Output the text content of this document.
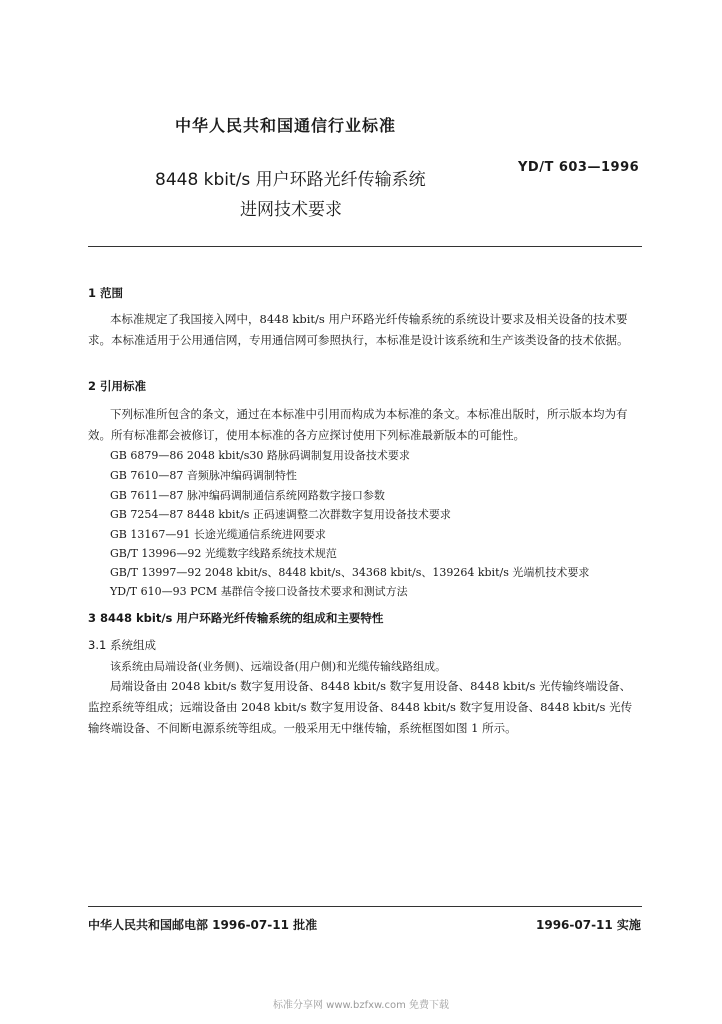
中华人民共和国通信行业标准
8448 kbit/s 用户环路光纤传输系统
进网技术要求
YD/T 603—1996
1 范围
本标准规定了我国接入网中，8448 kbit/s 用户环路光纤传输系统的系统设计要求及相关设备的技术要求。本标准适用于公用通信网，专用通信网可参照执行，本标准是设计该系统和生产该类设备的技术依据。
2 引用标准
下列标准所包含的条文，通过在本标准中引用而构成为本标准的条文。本标准出版时，所示版本均为有效。所有标准都会被修订，使用本标准的各方应探讨使用下列标准最新版本的可能性。
GB 6879—86 2048 kbit/s30 路脉码调制复用设备技术要求
GB 7610—87 音频脉冲编码调制特性
GB 7611—87 脉冲编码调制通信系统网路数字接口参数
GB 7254—87 8448 kbit/s 正码速调整二次群数字复用设备技术要求
GB 13167—91 长途光缆通信系统进网要求
GB/T 13996—92 光缆数字线路系统技术规范
GB/T 13997—92 2048 kbit/s、8448 kbit/s、34368 kbit/s、139264 kbit/s 光端机技术要求
YD/T 610—93 PCM 基群信令接口设备技术要求和测试方法
3 8448 kbit/s 用户环路光纤传输系统的组成和主要特性
3.1 系统组成
该系统由局端设备(业务侧)、远端设备(用户侧)和光缆传输线路组成。
局端设备由 2048 kbit/s 数字复用设备、8448 kbit/s 数字复用设备、8448 kbit/s 光传输终端设备、监控系统等组成；远端设备由 2048 kbit/s 数字复用设备、8448 kbit/s 数字复用设备、8448 kbit/s 光传输终端设备、不间断电源系统等组成。一般采用无中继传输，系统框图如图 1 所示。
中华人民共和国邮电部 1996-07-11 批准	1996-07-11 实施
标准分享网 www.bzfxw.com 免费下载
